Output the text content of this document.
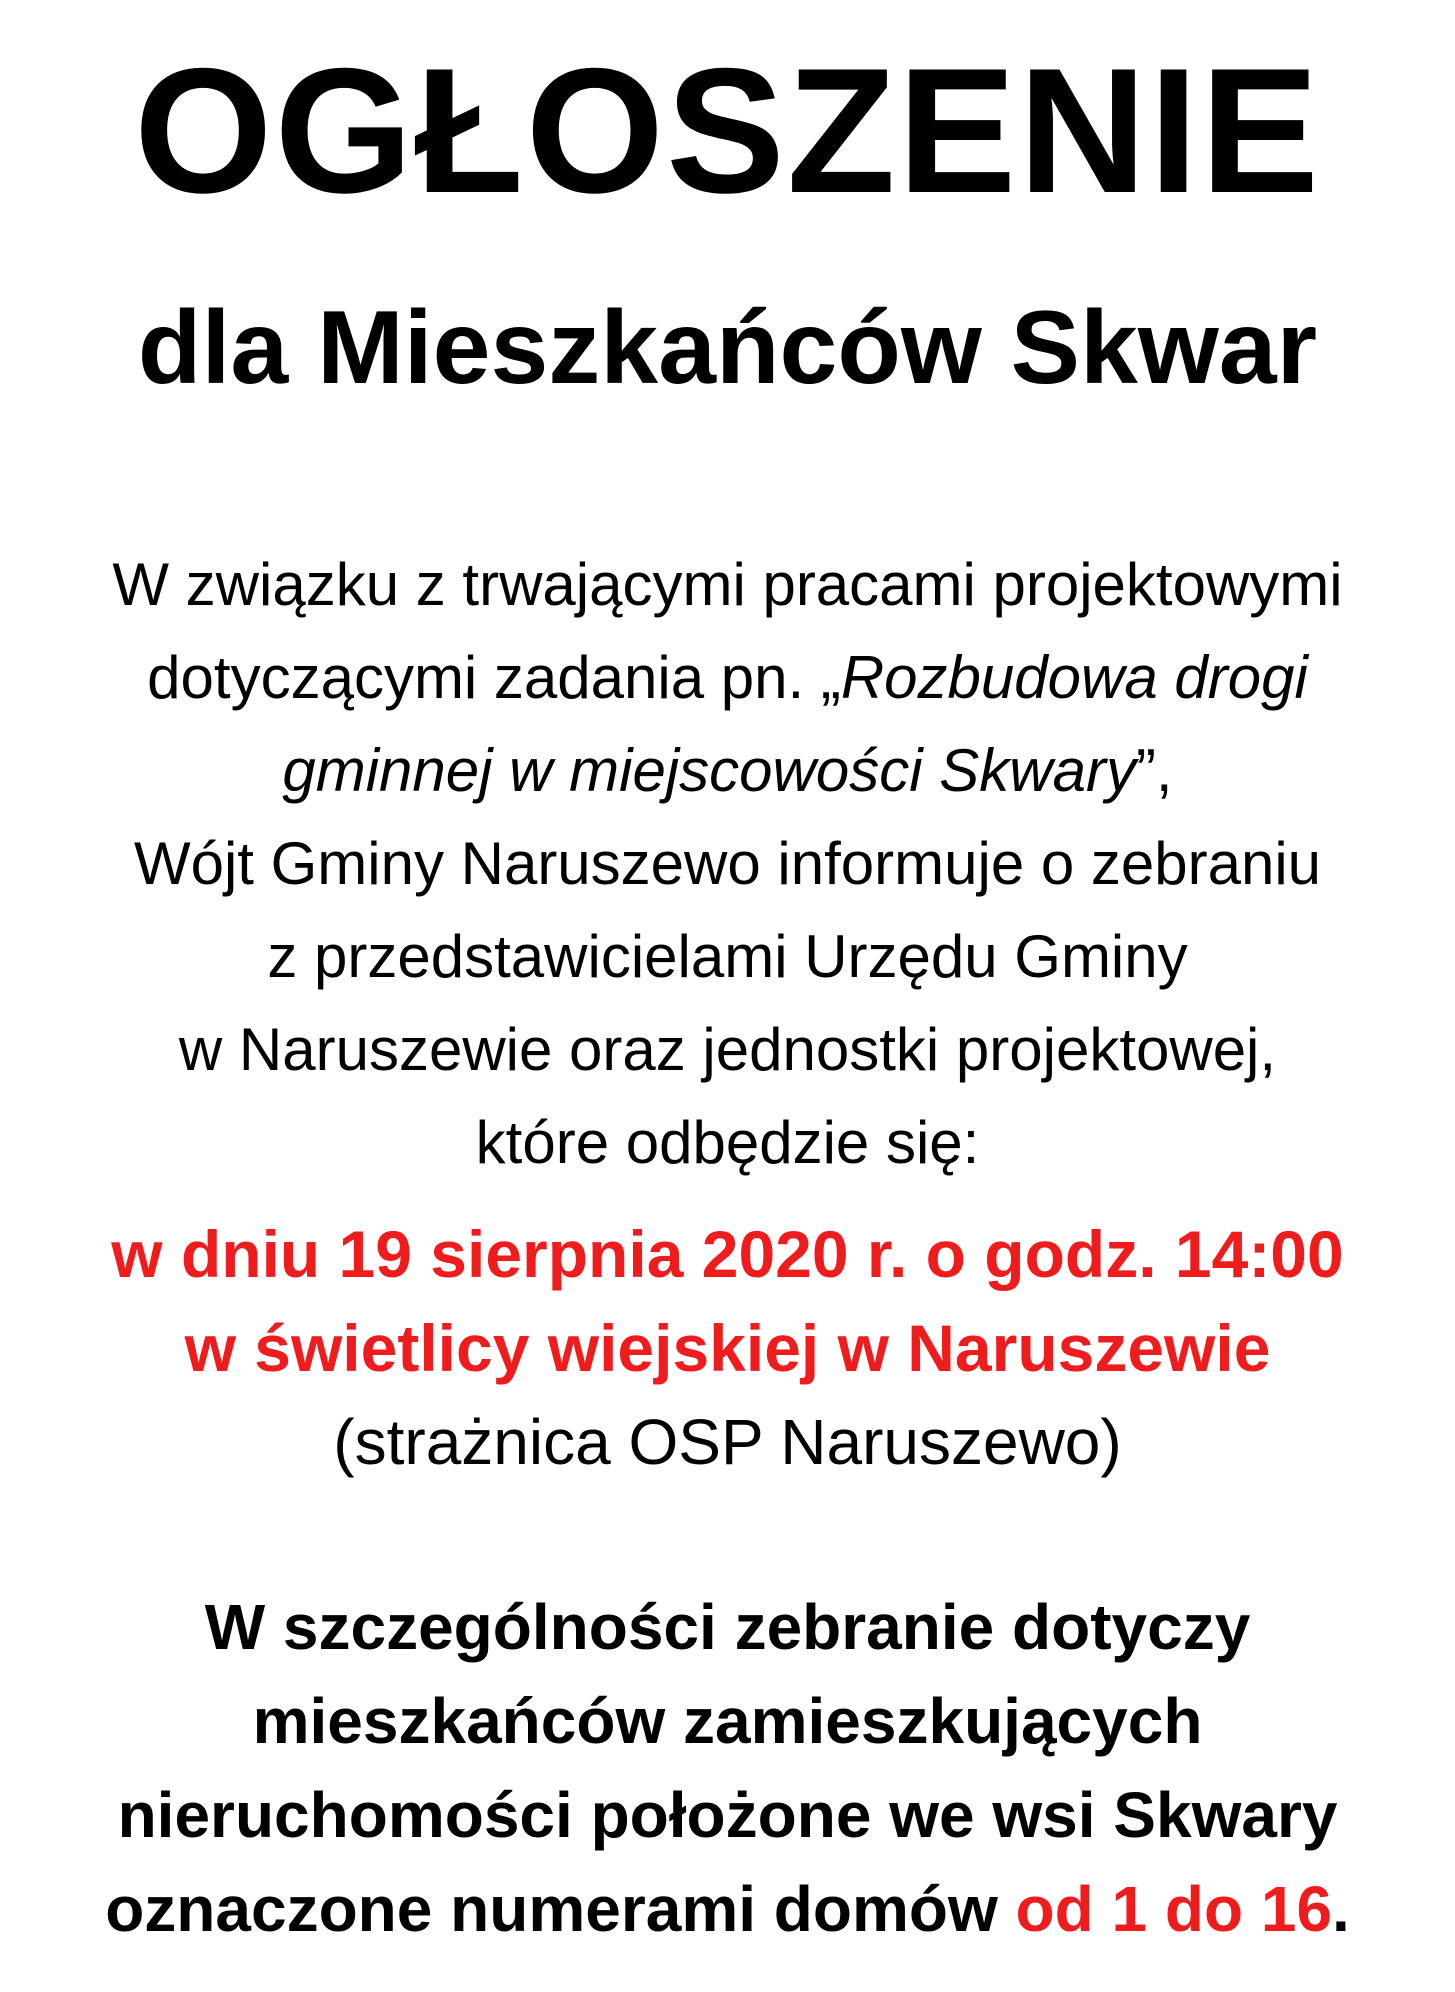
OGŁOSZENIE
dla Mieszkańców Skwar
W związku z trwającymi pracami projektowymi
dotyczącymi zadania pn. „Rozbudowa drogi
gminnej w miejscowości Skwary”,
Wójt Gminy Naruszewo informuje o zebraniu
z przedstawicielami Urzędu Gminy
w Naruszewie oraz jednostki projektowej,
które odbędzie się:
w dniu 19 sierpnia 2020 r. o godz. 14:00
w świetlicy wiejskiej w Naruszewie
(strażnica OSP Naruszewo)
W szczególności zebranie dotyczy
mieszkańców zamieszkujących
nieruchomości położone we wsi Skwary
oznaczone numerami domów od 1 do 16.
